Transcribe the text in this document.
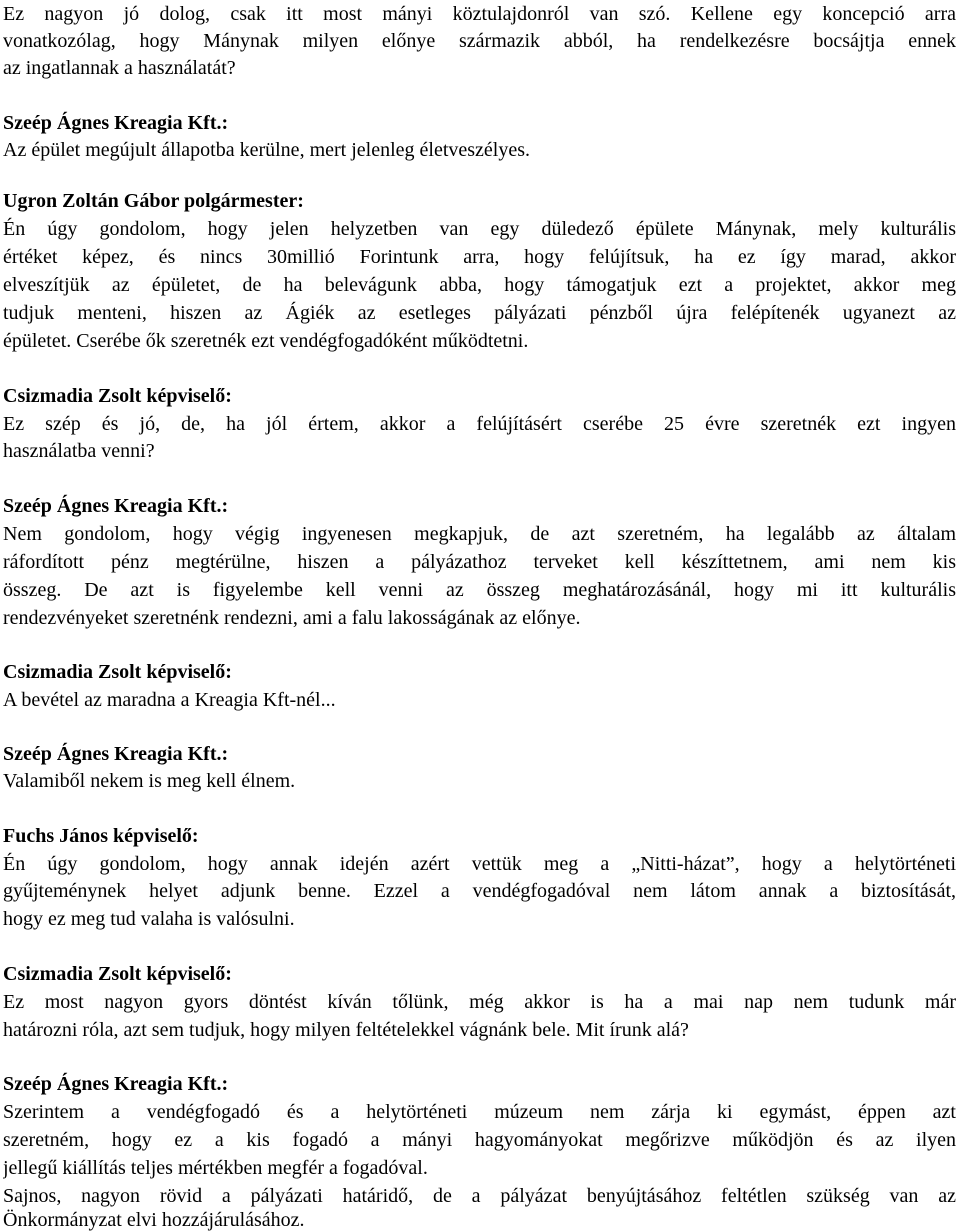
Ez nagyon jó dolog, csak itt most mányi köztulajdonról van szó. Kellene egy koncepció arra
vonatkozólag, hogy Mánynak milyen előnye származik abból, ha rendelkezésre bocsájtja ennek
az ingatlannak a használatát?
Szeép Ágnes Kreagia Kft.:
Az épület megújult állapotba kerülne, mert jelenleg életveszélyes.
Ugron Zoltán Gábor polgármester:
Én úgy gondolom, hogy jelen helyzetben van egy düledező épülete Mánynak, mely kulturális
értéket képez, és nincs 30millió Forintunk arra, hogy felújítsuk, ha ez így marad, akkor
elveszítjük az épületet, de ha belevágunk abba, hogy támogatjuk ezt a projektet, akkor meg
tudjuk menteni, hiszen az Ágiék az esetleges pályázati pénzből újra felépítenék ugyanezt az
épületet. Cserébe ők szeretnék ezt vendégfogadóként működtetni.
Csizmadia Zsolt képviselő:
Ez szép és jó, de, ha jól értem, akkor a felújításért cserébe 25 évre szeretnék ezt ingyen
használatba venni?
Szeép Ágnes Kreagia Kft.:
Nem gondolom, hogy végig ingyenesen megkapjuk, de azt szeretném, ha legalább az általam
ráfordított pénz megtérülne, hiszen a pályázathoz terveket kell készíttetnem, ami nem kis
összeg. De azt is figyelembe kell venni az összeg meghatározásánál, hogy mi itt kulturális
rendezvényeket szeretnénk rendezni, ami a falu lakosságának az előnye.
Csizmadia Zsolt képviselő:
A bevétel az maradna a Kreagia Kft-nél...
Szeép Ágnes Kreagia Kft.:
Valamiből nekem is meg kell élnem.
Fuchs János képviselő:
Én úgy gondolom, hogy annak idején azért vettük meg a „Nitti-házat”, hogy a helytörténeti
gyűjteménynek helyet adjunk benne. Ezzel a vendégfogadóval nem látom annak a biztosítását,
hogy ez meg tud valaha is valósulni.
Csizmadia Zsolt képviselő:
Ez most nagyon gyors döntést kíván tőlünk, még akkor is ha a mai nap nem tudunk már
határozni róla, azt sem tudjuk, hogy milyen feltételekkel vágnánk bele. Mit írunk alá?
Szeép Ágnes Kreagia Kft.:
Szerintem a vendégfogadó és a helytörténeti múzeum nem zárja ki egymást, éppen azt
szeretném, hogy ez a kis fogadó a mányi hagyományokat megőrizve működjön és az ilyen
jellegű kiállítás teljes mértékben megfér a fogadóval.
Sajnos, nagyon rövid a pályázati határidő, de a pályázat benyújtásához feltétlen szükség van az
Önkormányzat elvi hozzájárulásához.
